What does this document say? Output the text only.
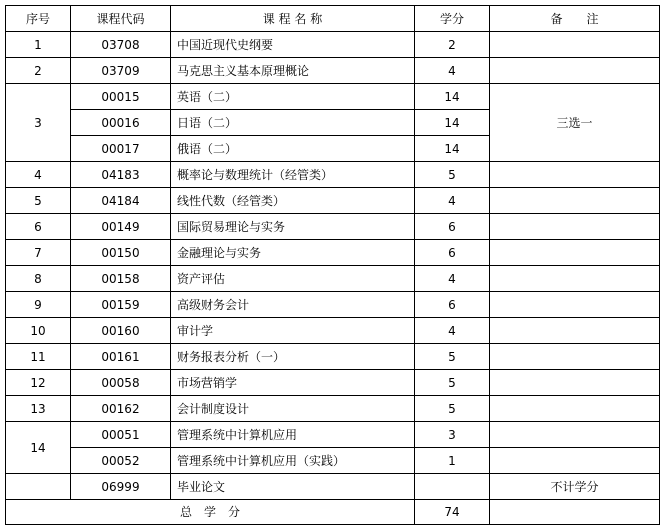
序号	课程代码	课 程 名 称	学分	备　　注
1	03708	中国近现代史纲要	2	
2	03709	马克思主义基本原理概论	4	
3	00015	英语（二）	14	三选一
	00016	日语（二）	14	
	00017	俄语（二）	14	
4	04183	概率论与数理统计（经管类）	5	
5	04184	线性代数（经管类）	4	
6	00149	国际贸易理论与实务	6	
7	00150	金融理论与实务	6	
8	00158	资产评估	4	
9	00159	高级财务会计	6	
10	00160	审计学	4	
11	00161	财务报表分析（一）	5	
12	00058	市场营销学	5	
13	00162	会计制度设计	5	
14	00051	管理系统中计算机应用	3	
	00052	管理系统中计算机应用（实践）	1	
	06999	毕业论文		不计学分
总　学　分			74	
